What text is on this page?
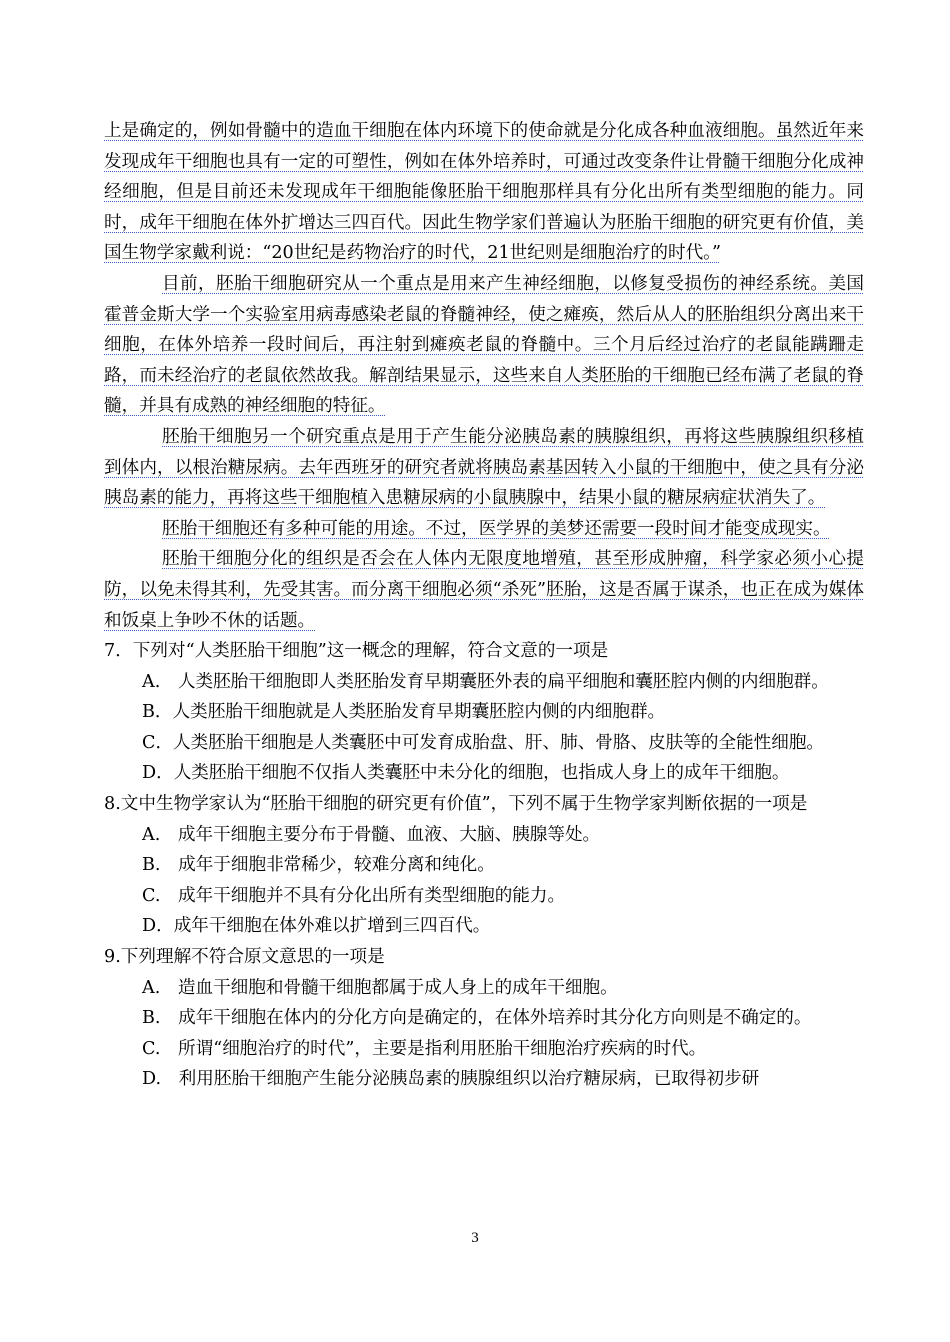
上是确定的，例如骨髓中的造血干细胞在体内环境下的使命就是分化成各种血液细胞。虽然近年来发现成年干细胞也具有一定的可塑性，例如在体外培养时，可通过改变条件让骨髓干细胞分化成神经细胞，但是目前还未发现成年干细胞能像胚胎干细胞那样具有分化出所有类型细胞的能力。同时，成年干细胞在体外扩增达三四百代。因此生物学家们普遍认为胚胎干细胞的研究更有价值，美国生物学家戴利说：“20世纪是药物治疗的时代，21世纪则是细胞治疗的时代。”

目前，胚胎干细胞研究从一个重点是用来产生神经细胞，以修复受损伤的神经系统。美国霍普金斯大学一个实验室用病毒感染老鼠的脊髓神经，使之瘫痪，然后从人的胚胎组织分离出来干细胞，在体外培养一段时间后，再注射到瘫痪老鼠的脊髓中。三个月后经过治疗的老鼠能蹒跚走路，而未经治疗的老鼠依然故我。解剖结果显示，这些来自人类胚胎的干细胞已经布满了老鼠的脊髓，并具有成熟的神经细胞的特征。

胚胎干细胞另一个研究重点是用于产生能分泌胰岛素的胰腺组织，再将这些胰腺组织移植到体内，以根治糖尿病。去年西班牙的研究者就将胰岛素基因转入小鼠的干细胞中，使之具有分泌胰岛素的能力，再将这些干细胞植入患糖尿病的小鼠胰腺中，结果小鼠的糖尿病症状消失了。

胚胎干细胞还有多种可能的用途。不过，医学界的美梦还需要一段时间才能变成现实。

胚胎干细胞分化的组织是否会在人体内无限度地增殖，甚至形成肿瘤，科学家必须小心提防，以免未得其利，先受其害。而分离干细胞必须“杀死”胚胎，这是否属于谋杀，也正在成为媒体和饭桌上争吵不休的话题。

7．下列对“人类胚胎干细胞”这一概念的理解，符合文意的一项是

A.　人类胚胎干细胞即人类胚胎发育早期囊胚外表的扁平细胞和囊胚腔内侧的内细胞群。

B．人类胚胎干细胞就是人类胚胎发育早期囊胚腔内侧的内细胞群。

C．人类胚胎干细胞是人类囊胚中可发育成胎盘、肝、肺、骨胳、皮肤等的全能性细胞。

D．人类胚胎干细胞不仅指人类囊胚中未分化的细胞，也指成人身上的成年干细胞。

8.文中生物学家认为“胚胎干细胞的研究更有价值”，下列不属于生物学家判断依据的一项是

A.　成年干细胞主要分布于骨髓、血液、大脑、胰腺等处。

B.　成年于细胞非常稀少，较难分离和纯化。

C.　成年干细胞并不具有分化出所有类型细胞的能力。

D．成年干细胞在体外难以扩增到三四百代。

9.下列理解不符合原文意思的一项是

A.　造血干细胞和骨髓干细胞都属于成人身上的成年干细胞。

B.　成年干细胞在体内的分化方向是确定的，在体外培养时其分化方向则是不确定的。

C.　所谓“细胞治疗的时代”，主要是指利用胚胎干细胞治疗疾病的时代。

D.　利用胚胎干细胞产生能分泌胰岛素的胰腺组织以治疗糖尿病，已取得初步研

3
